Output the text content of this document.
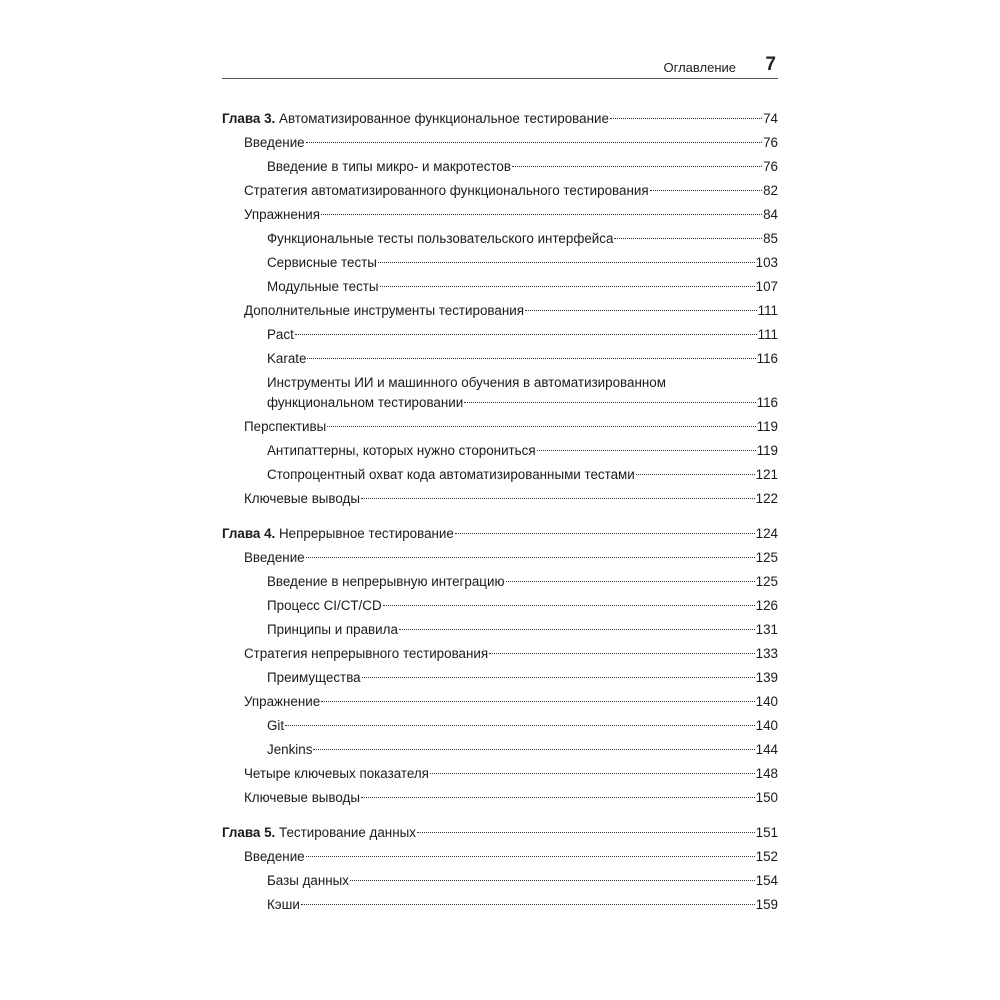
Оглавление 7
Глава 3. Автоматизированное функциональное тестирование	74
Введение	76
Введение в типы микро- и макротестов	76
Стратегия автоматизированного функционального тестирования	82
Упражнения	84
Функциональные тесты пользовательского интерфейса	85
Сервисные тесты	103
Модульные тесты	107
Дополнительные инструменты тестирования	111
Pact	111
Karate	116
Инструменты ИИ и машинного обучения в автоматизированном
функциональном тестировании	116
Перспективы	119
Антипаттерны, которых нужно сторониться	119
Стопроцентный охват кода автоматизированными тестами	121
Ключевые выводы	122
Глава 4. Непрерывное тестирование	124
Введение	125
Введение в непрерывную интеграцию	125
Процесс CI/CT/CD	126
Принципы и правила	131
Стратегия непрерывного тестирования	133
Преимущества	139
Упражнение	140
Git	140
Jenkins	144
Четыре ключевых показателя	148
Ключевые выводы	150
Глава 5. Тестирование данных	151
Введение	152
Базы данных	154
Кэши	159
